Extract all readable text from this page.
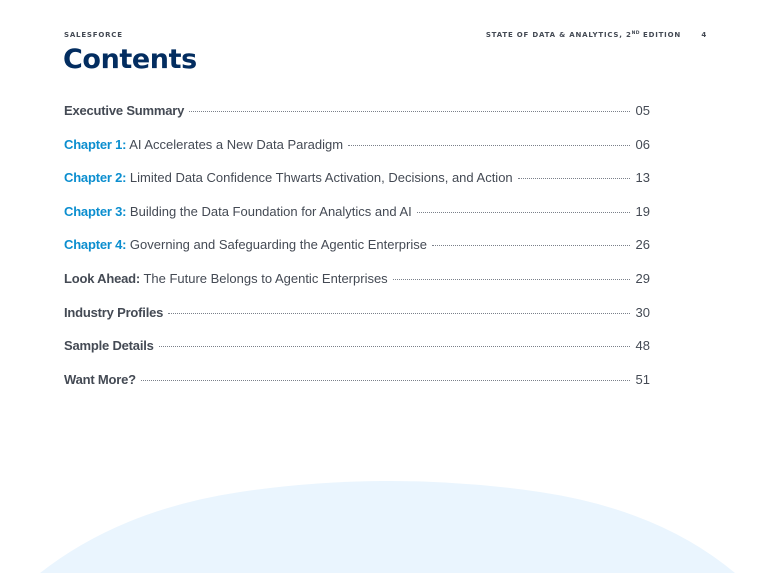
SALESFORCE	STATE OF DATA & ANALYTICS, 2ND EDITION	4
Contents
Executive Summary	05
Chapter 1: AI Accelerates a New Data Paradigm	06
Chapter 2: Limited Data Confidence Thwarts Activation, Decisions, and Action	13
Chapter 3: Building the Data Foundation for Analytics and AI	19
Chapter 4: Governing and Safeguarding the Agentic Enterprise	26
Look Ahead: The Future Belongs to Agentic Enterprises	29
Industry Profiles	30
Sample Details	48
Want More?	51
